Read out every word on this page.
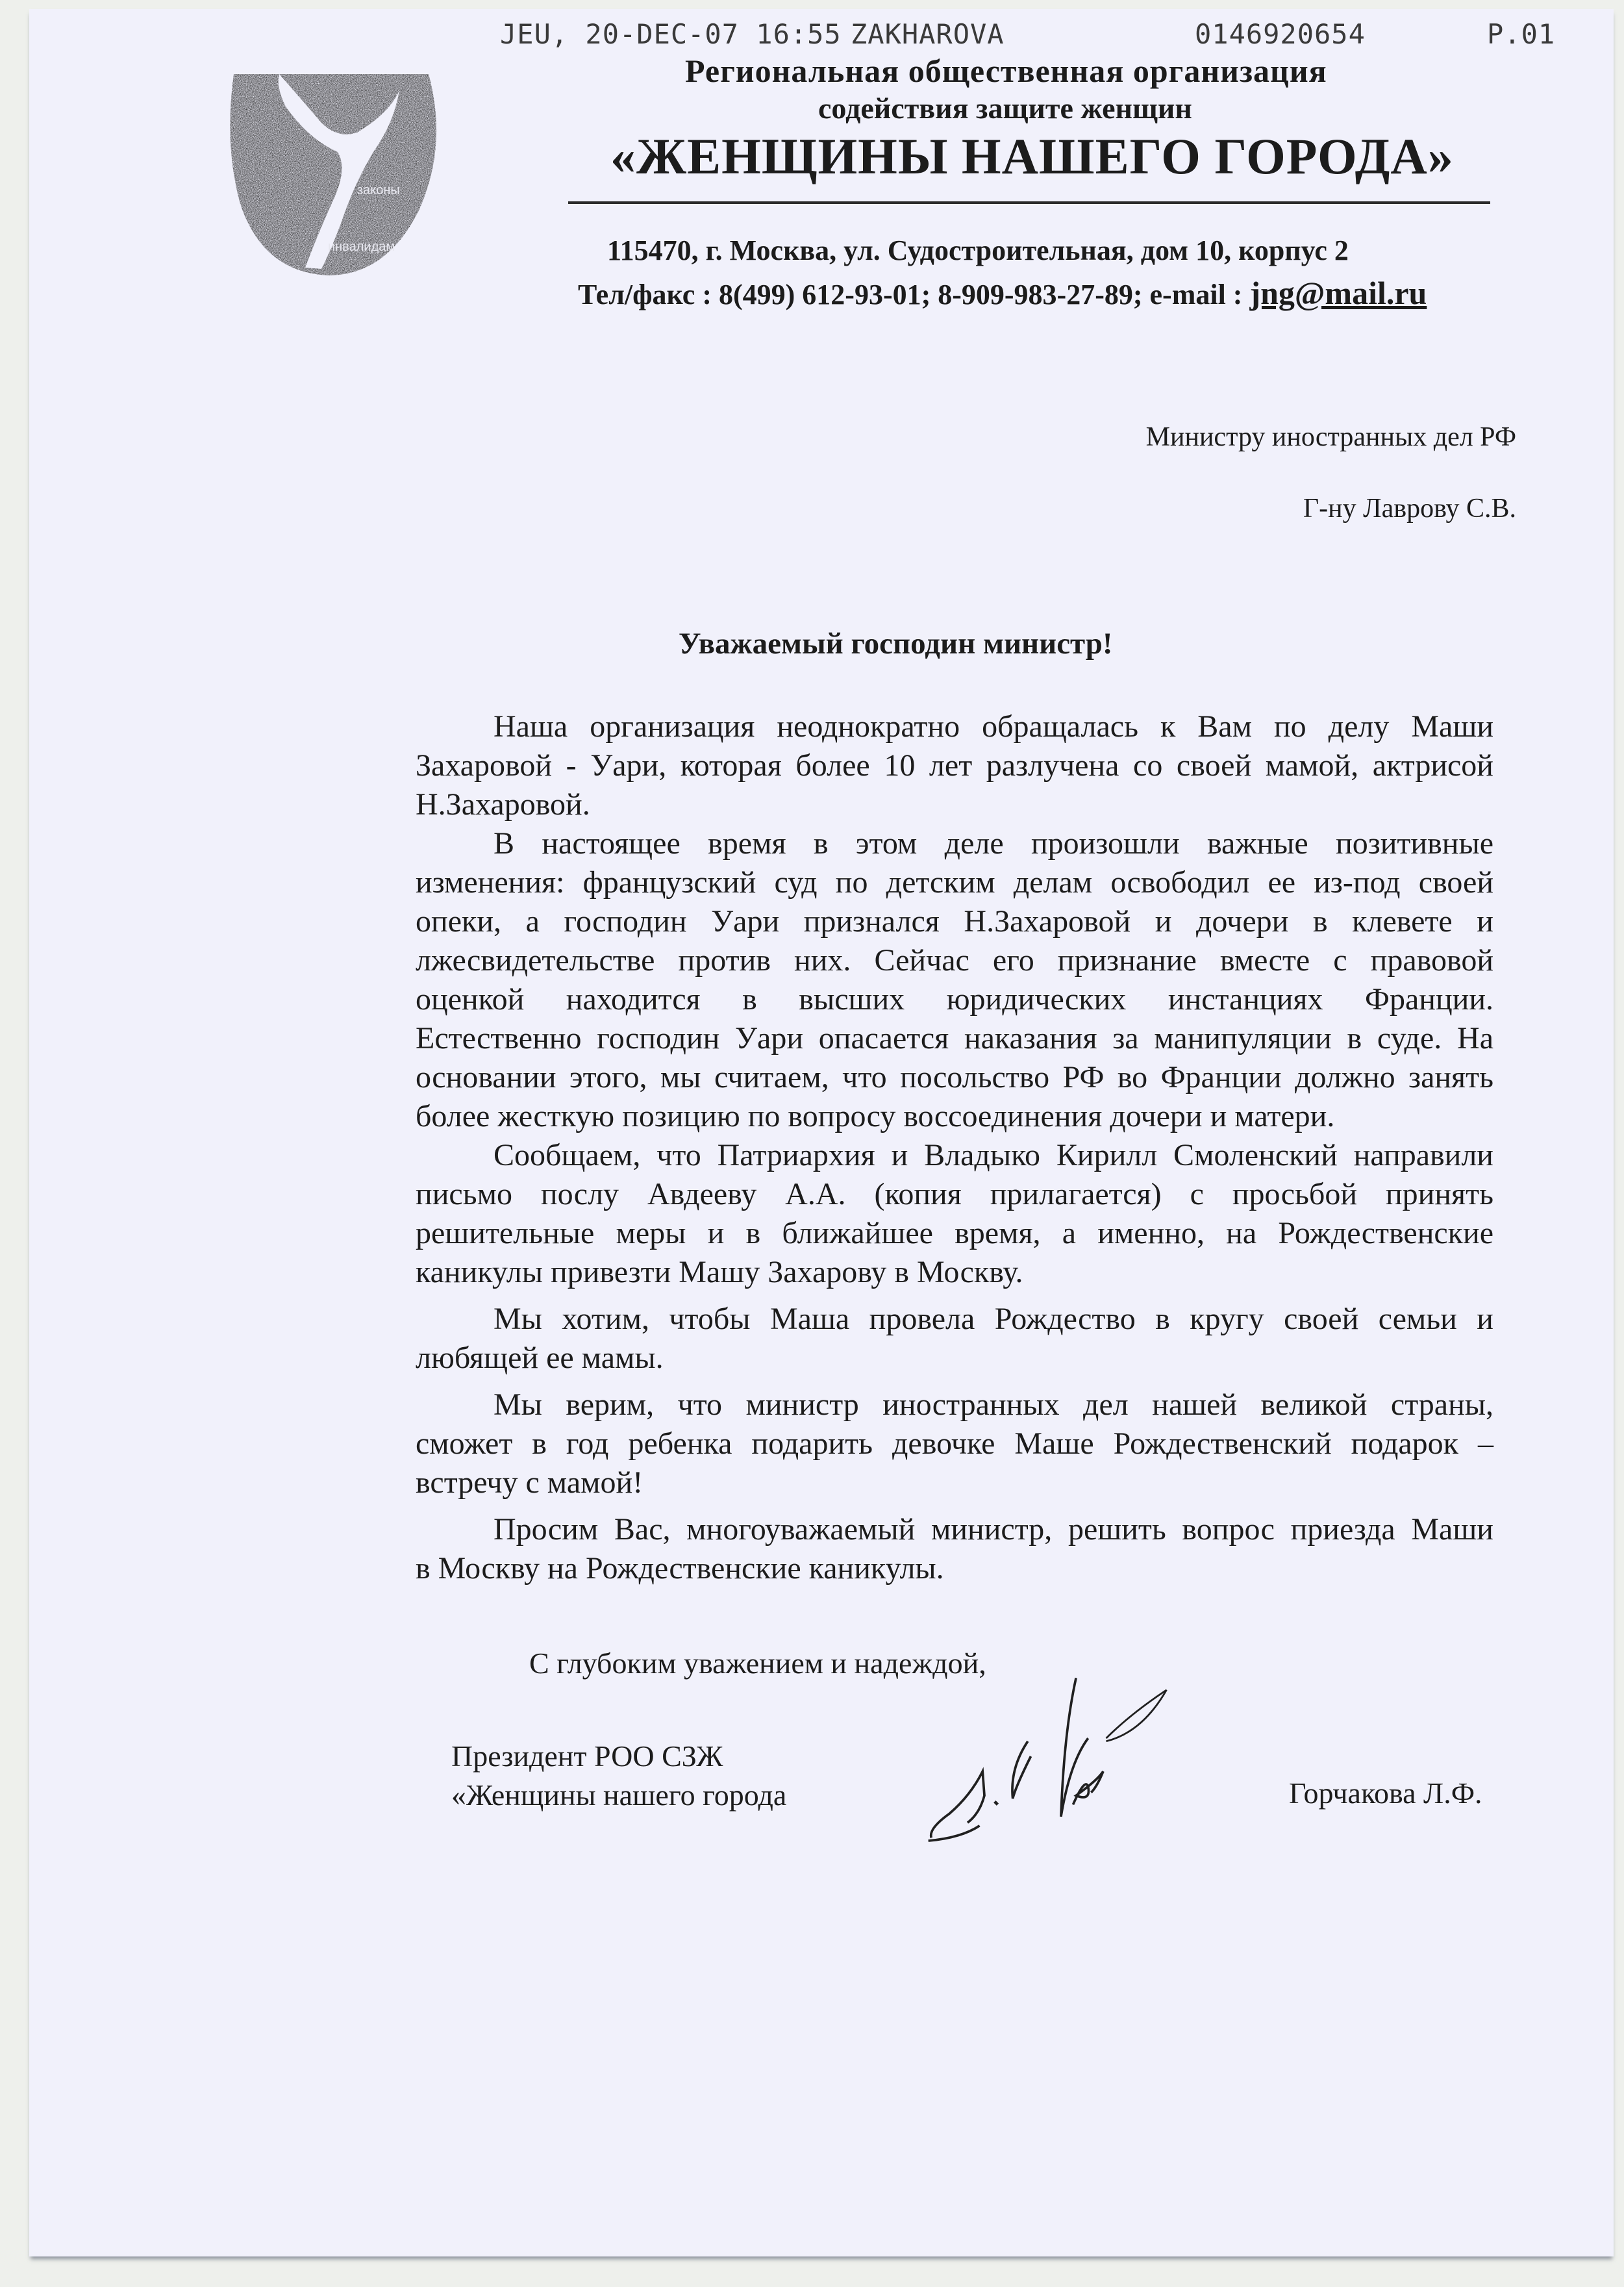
JEU, 20-DEC-07 16:55 ZAKHAROVA	0146920654	P.01
законы
инвалидам
Региональная общественная организация
содействия защите женщин
«ЖЕНЩИНЫ НАШЕГО ГОРОДА»
115470, г. Москва, ул. Судостроительная, дом 10, корпус 2
Тел/факс : 8(499) 612-93-01; 8-909-983-27-89; e-mail : jng@mail.ru
Министру иностранных дел РФ
Г-ну Лаврову С.В.
Уважаемый господин министр!
Наша организация неоднократно обращалась к Вам по делу Маши
Захаровой - Уари, которая более 10 лет разлучена со своей мамой, актрисой
Н.Захаровой.
В настоящее время в этом деле произошли важные позитивные
изменения: французский суд по детским делам освободил ее из-под своей
опеки, а господин Уари признался Н.Захаровой и дочери в клевете и
лжесвидетельстве против них. Сейчас его признание вместе с правовой
оценкой находится в высших юридических инстанциях Франции.
Естественно господин Уари опасается наказания за манипуляции в суде. На
основании этого, мы считаем, что посольство РФ во Франции должно занять
более жесткую позицию по вопросу воссоединения дочери и матери.
Сообщаем, что Патриархия и Владыко Кирилл Смоленский направили
письмо послу Авдееву А.А. (копия прилагается) с просьбой принять
решительные меры и в ближайшее время, а именно, на Рождественские
каникулы привезти Машу Захарову в Москву.
Мы хотим, чтобы Маша провела Рождество в кругу своей семьи и
любящей ее мамы.
Мы верим, что министр иностранных дел нашей великой страны,
сможет в год ребенка подарить девочке Маше Рождественский подарок –
встречу с мамой!
Просим Вас, многоуважаемый министр, решить вопрос приезда Маши
в Москву на Рождественские каникулы.
С глубоким уважением и надеждой,
Президент РОО СЗЖ
«Женщины нашего города	Горчакова Л.Ф.
